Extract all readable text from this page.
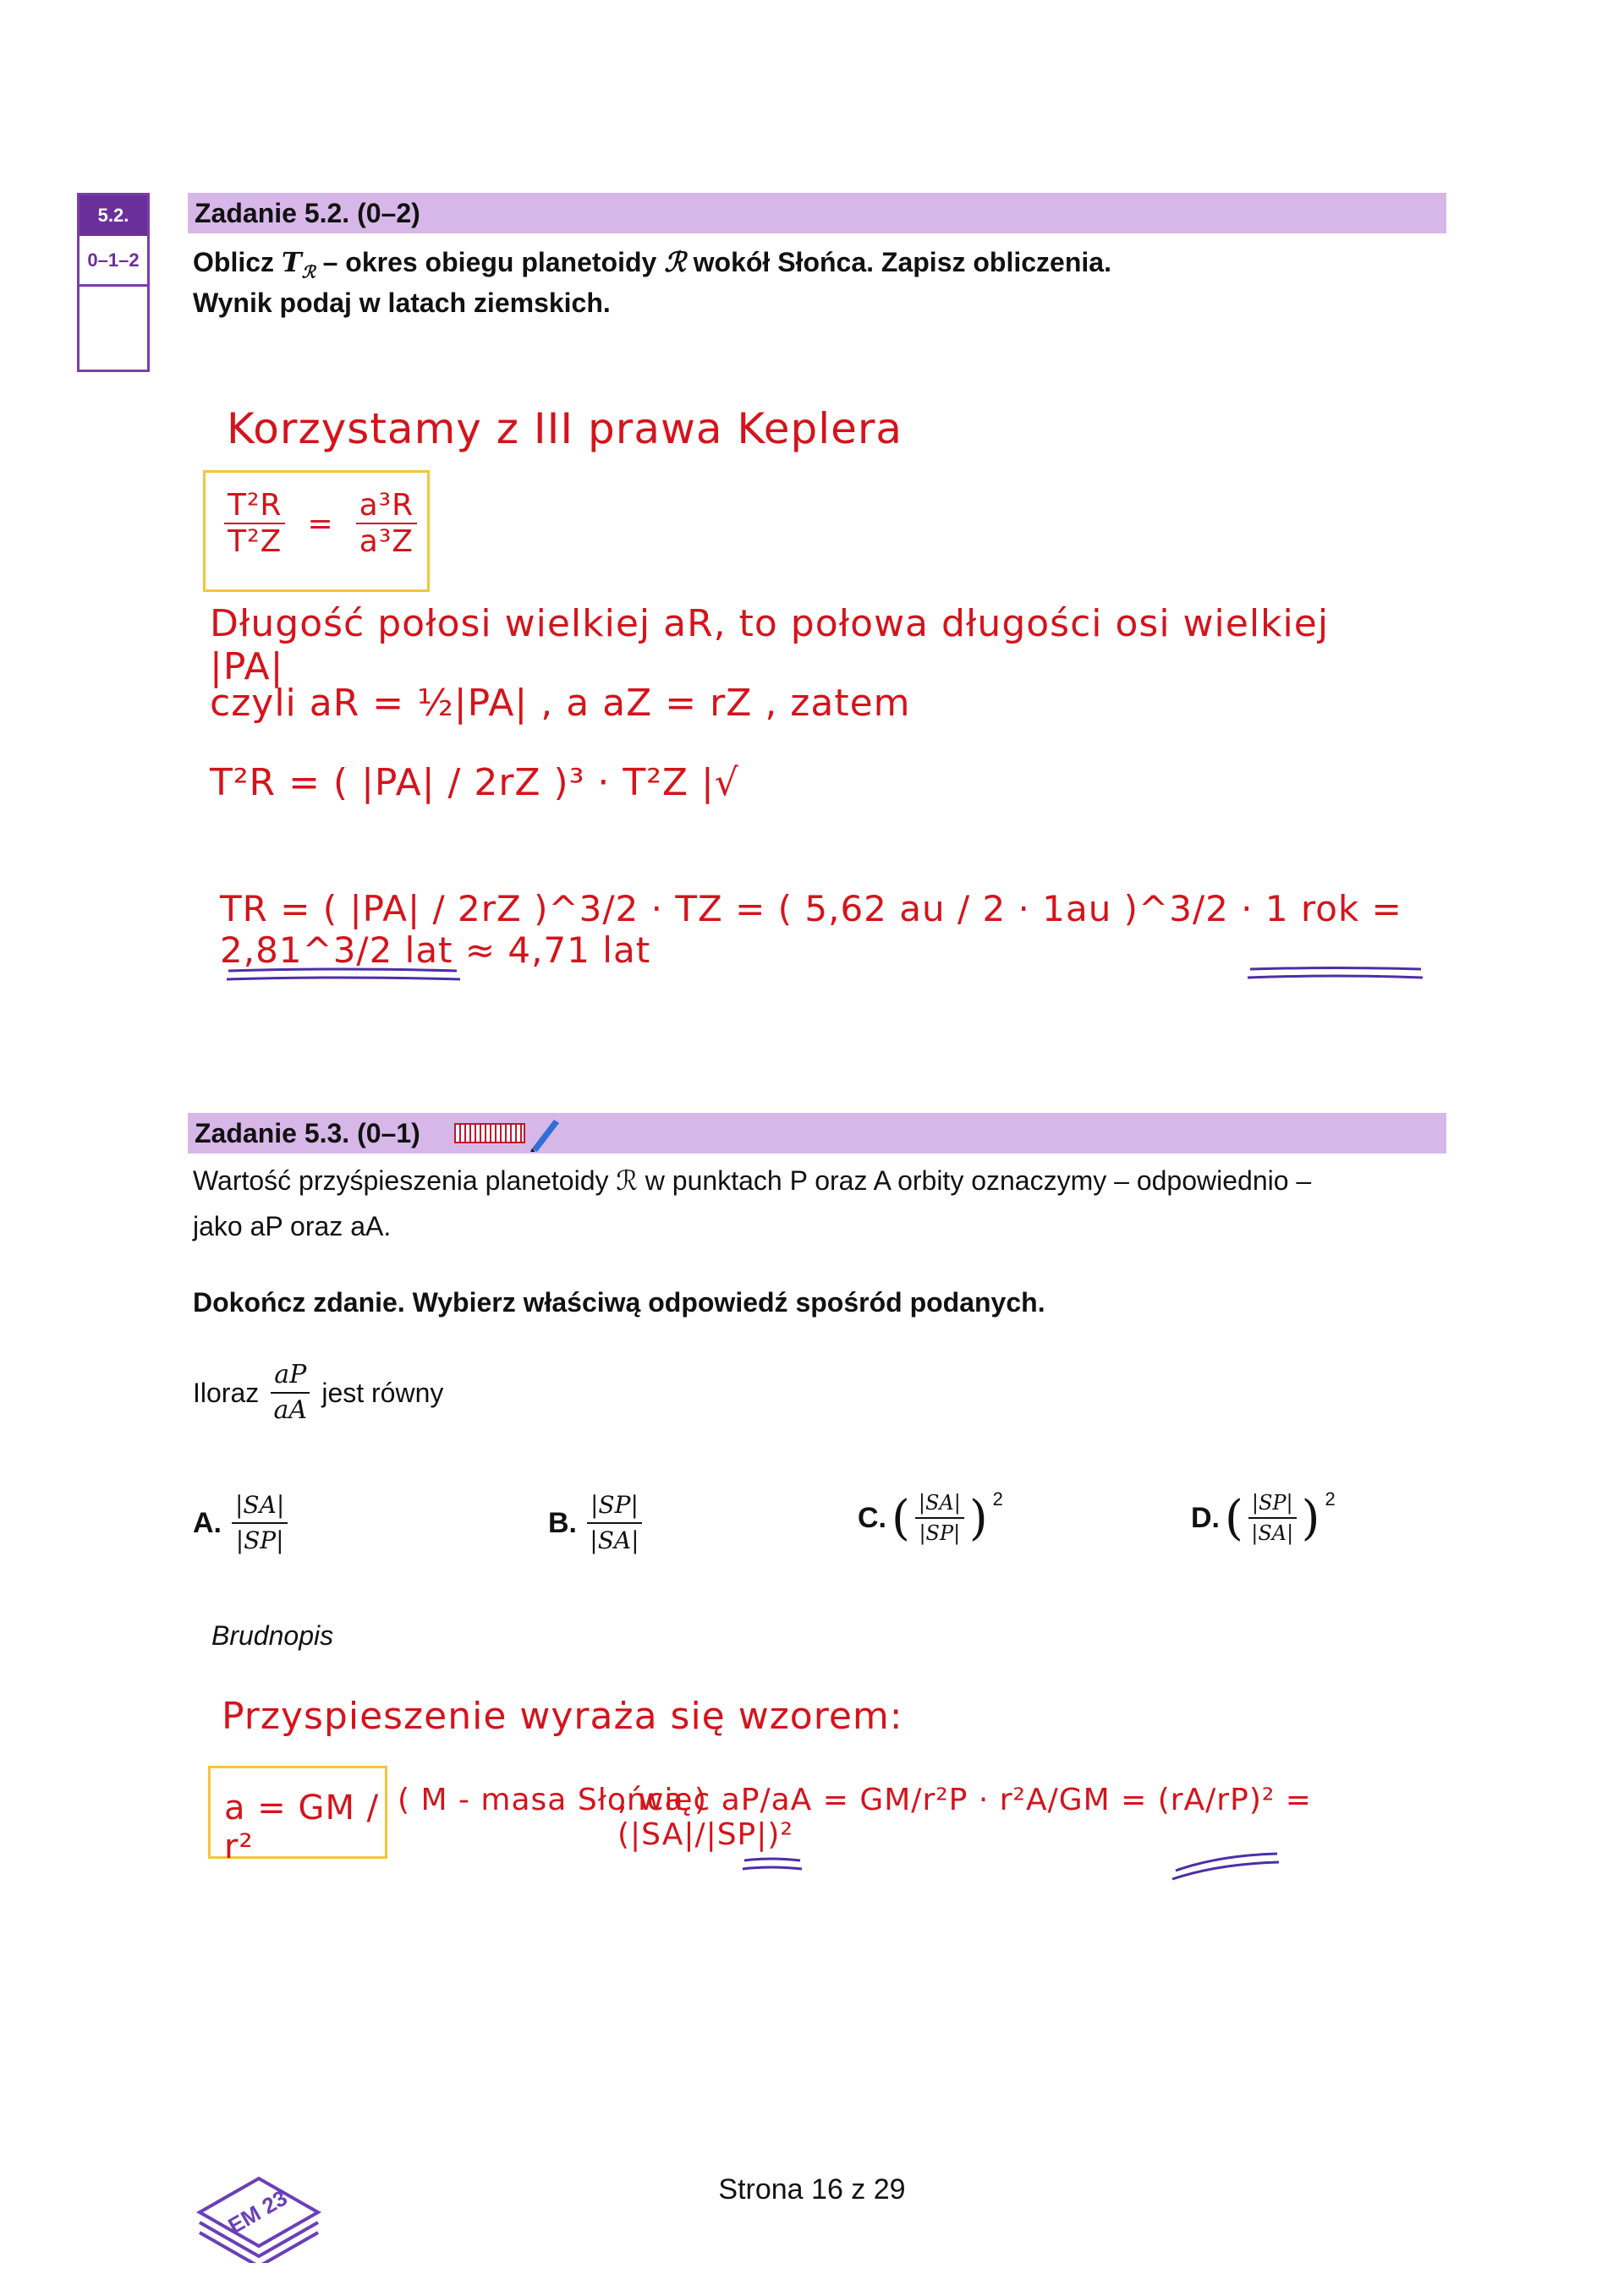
5.2.
0–1–2
Zadanie 5.2. (0–2)
Oblicz $T_ℛ$ – okres obiegu planetoidy ℛ wokół Słońca. Zapisz obliczenia.
Wynik podaj w latach ziemskich.
Korzystamy z III prawa Keplera
$\frac{\text{T²R}}{\text{T²Z}} = \frac{\text{a³R}}{\text{a³Z}}$
Długość połosi wielkiej aR, to połowa długości osi wielkiej |PA|
czyli aR = ½|PA| , a aZ = rZ , zatem
T²R = ( |PA| / 2rZ )³ · T²Z |√
TR = ( |PA| / 2rZ )^3/2 · TZ = ( 5,62 au / 2 · 1au )^3/2 · 1 rok = 2,81^3/2 lat ≈ 4,71 lat
Zadanie 5.3. (0–1)
Wartość przyśpieszenia planetoidy ℛ w punktach P oraz A orbity oznaczymy – odpowiednio –
jako aP oraz aA.
Dokończ zdanie. Wybierz właściwą odpowiedź spośród podanych.
Iloraz $\frac{aP}{aA}$ jest równy
A. $\frac{|SA|}{|SP|}$	B. $\frac{|SP|}{|SA|}$	C. ( $\frac{|SA|}{|SP|}$ ) 2
D. ( $\frac{|SP|}{|SA|}$ ) 2
Brudnopis
Przyspieszenie wyraża się wzorem:
a = GM / r²
( M - masa Słońca )
, więc aP/aA = GM/r²P · r²A/GM = (rA/rP)² = (|SA|/|SP|)²
Strona 16 z 29
EM 23
